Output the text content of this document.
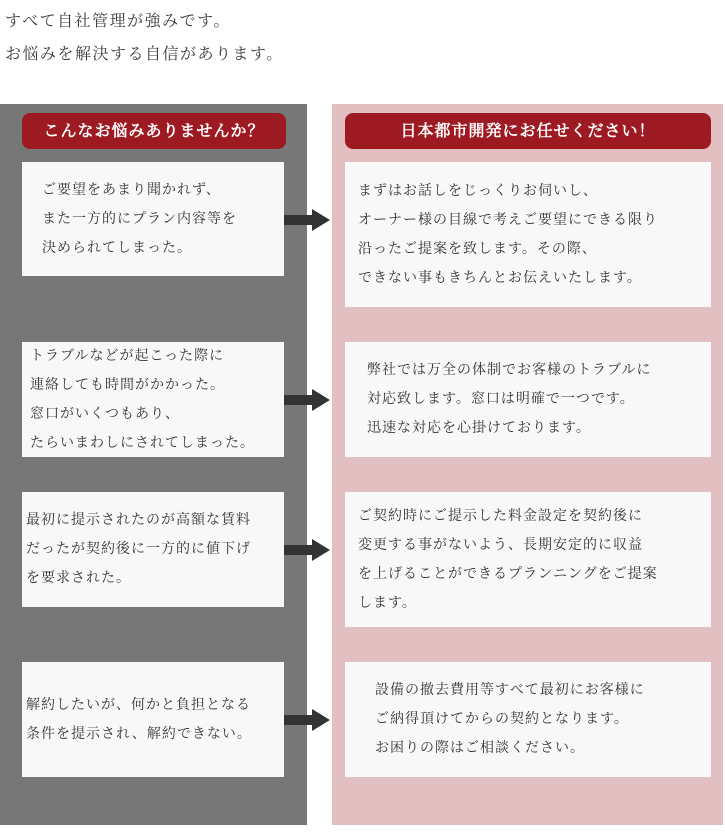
すべて自社管理が強みです。
お悩みを解決する自信があります。
こんなお悩みありませんか？
ご要望をあまり聞かれず、
また一方的にプラン内容等を
決められてしまった。
トラブルなどが起こった際に
連絡しても時間がかかった。
窓口がいくつもあり、
たらいまわしにされてしまった。
最初に提示されたのが高額な賃料
だったが契約後に一方的に値下げ
を要求された。
解約したいが、何かと負担となる
条件を提示され、解約できない。
日本都市開発にお任せください！
まずはお話しをじっくりお伺いし、
オーナー様の目線で考えご要望にできる限り
沿ったご提案を致します。その際、
できない事もきちんとお伝えいたします。
弊社では万全の体制でお客様のトラブルに
対応致します。窓口は明確で一つです。
迅速な対応を心掛けております。
ご契約時にご提示した料金設定を契約後に
変更する事がないよう、長期安定的に収益
を上げることができるプランニングをご提案
します。
設備の撤去費用等すべて最初にお客様に
ご納得頂けてからの契約となります。
お困りの際はご相談ください。
